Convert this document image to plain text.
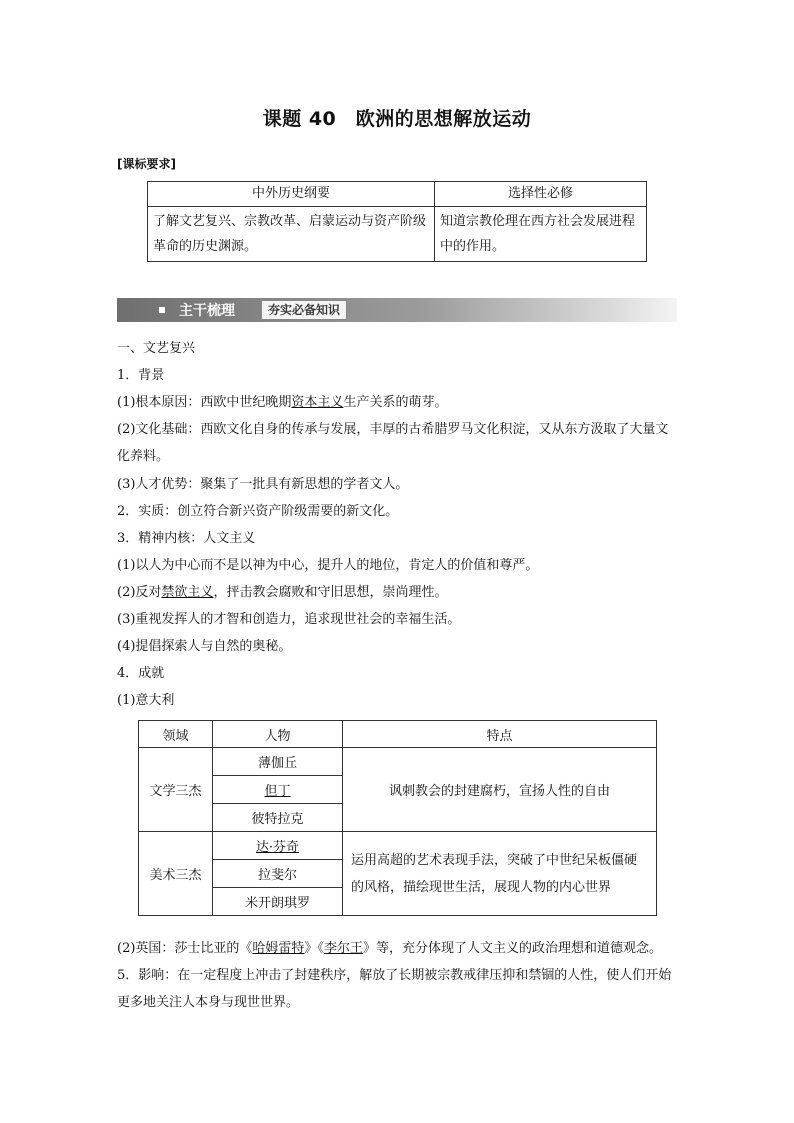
课题 40　欧洲的思想解放运动
[课标要求]
中外历史纲要	选择性必修
了解文艺复兴、宗教改革、启蒙运动与资产阶级革命的历史渊源。	知道宗教伦理在西方社会发展进程中的作用。
主干梳理	夯实必备知识
一、文艺复兴
1．背景
(1)根本原因：西欧中世纪晚期资本主义生产关系的萌芽。
(2)文化基础：西欧文化自身的传承与发展，丰厚的古希腊罗马文化积淀，又从东方汲取了大量文化养料。
(3)人才优势：聚集了一批具有新思想的学者文人。
2．实质：创立符合新兴资产阶级需要的新文化。
3．精神内核：人文主义
(1)以人为中心而不是以神为中心，提升人的地位，肯定人的价值和尊严。
(2)反对禁欲主义，抨击教会腐败和守旧思想，崇尚理性。
(3)重视发挥人的才智和创造力，追求现世社会的幸福生活。
(4)提倡探索人与自然的奥秘。
4．成就
(1)意大利
领域	人物	特点
文学三杰	薄伽丘	讽刺教会的封建腐朽，宣扬人性的自由
	但丁	
	彼特拉克	
美术三杰	达·芬奇	运用高超的艺术表现手法，突破了中世纪呆板僵硬的风格，描绘现世生活，展现人物的内心世界
	拉斐尔	
	米开朗琪罗	
(2)英国：莎士比亚的《哈姆雷特》《李尔王》等，充分体现了人文主义的政治理想和道德观念。
5．影响：在一定程度上冲击了封建秩序，解放了长期被宗教戒律压抑和禁锢的人性，使人们开始更多地关注人本身与现世世界。
